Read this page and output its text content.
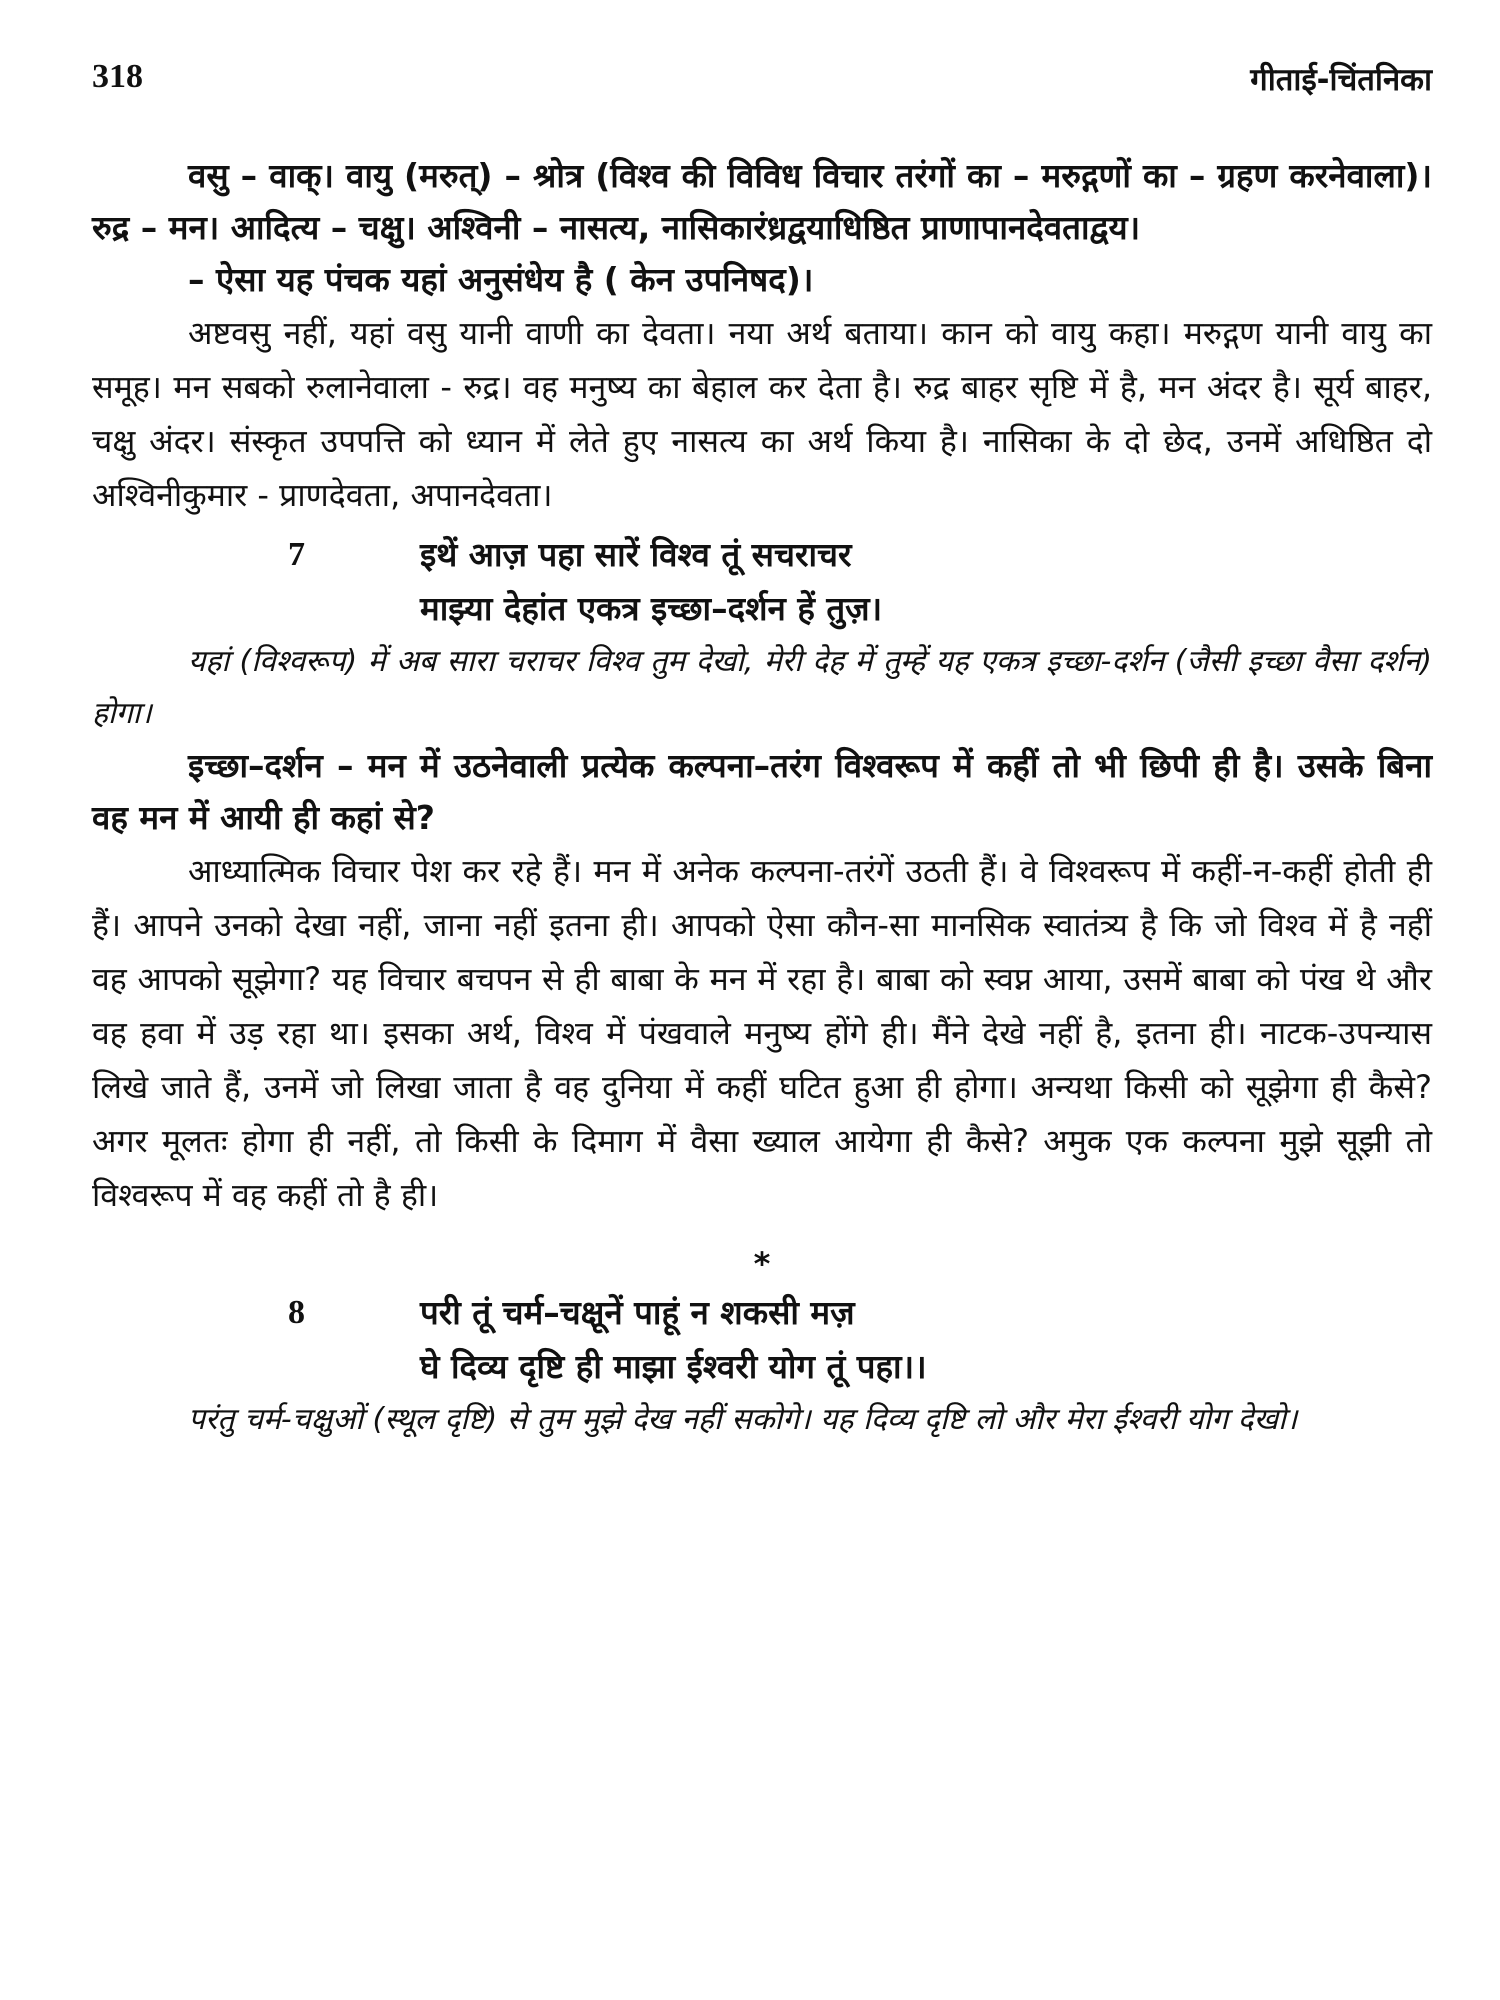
318	गीताई-चिंतनिका

वसु – वाक्। वायु (मरुत्) – श्रोत्र (विश्व की विविध विचार तरंगों का – मरुद्गणों का – ग्रहण करनेवाला)। रुद्र – मन। आदित्य – चक्षु। अश्विनी – नासत्य, नासिकारंध्रद्वयाधिष्ठित प्राणापानदेवताद्वय।

– ऐसा यह पंचक यहां अनुसंधेय है ( केन उपनिषद)।

अष्टवसु नहीं, यहां वसु यानी वाणी का देवता। नया अर्थ बताया। कान को वायु कहा। मरुद्गण यानी वायु का समूह। मन सबको रुलानेवाला - रुद्र। वह मनुष्य का बेहाल कर देता है। रुद्र बाहर सृष्टि में है, मन अंदर है। सूर्य बाहर, चक्षु अंदर। संस्कृत उपपत्ति को ध्यान में लेते हुए नासत्य का अर्थ किया है। नासिका के दो छेद, उनमें अधिष्ठित दो अश्विनीकुमार - प्राणदेवता, अपानदेवता।

7	इथें आज़ पहा सारें विश्व तूं सचराचर
माझ्या देहांत एकत्र इच्छा–दर्शन हें तुज़।

यहां (विश्वरूप) में अब सारा चराचर विश्व तुम देखो, मेरी देह में तुम्हें यह एकत्र इच्छा-दर्शन (जैसी इच्छा वैसा दर्शन) होगा।

इच्छा–दर्शन – मन में उठनेवाली प्रत्येक कल्पना–तरंग विश्वरूप में कहीं तो भी छिपी ही है। उसके बिना वह मन में आयी ही कहां से?

आध्यात्मिक विचार पेश कर रहे हैं। मन में अनेक कल्पना-तरंगें उठती हैं। वे विश्वरूप में कहीं-न-कहीं होती ही हैं। आपने उनको देखा नहीं, जाना नहीं इतना ही। आपको ऐसा कौन-सा मानसिक स्वातंत्र्य है कि जो विश्व में है नहीं वह आपको सूझेगा? यह विचार बचपन से ही बाबा के मन में रहा है। बाबा को स्वप्न आया, उसमें बाबा को पंख थे और वह हवा में उड़ रहा था। इसका अर्थ, विश्व में पंखवाले मनुष्य होंगे ही। मैंने देखे नहीं है, इतना ही। नाटक-उपन्यास लिखे जाते हैं, उनमें जो लिखा जाता है वह दुनिया में कहीं घटित हुआ ही होगा। अन्यथा किसी को सूझेगा ही कैसे? अगर मूलतः होगा ही नहीं, तो किसी के दिमाग में वैसा ख्याल आयेगा ही कैसे? अमुक एक कल्पना मुझे सूझी तो विश्वरूप में वह कहीं तो है ही।

*
8	परी तूं चर्म–चक्षूनें पाहूं न शकसी मज़
घे दिव्य दृष्टि ही माझा ईश्वरी योग तूं पहा।।

परंतु चर्म-चक्षुओं (स्थूल दृष्टि) से तुम मुझे देख नहीं सकोगे। यह दिव्य दृष्टि लो और मेरा ईश्वरी योग देखो।
